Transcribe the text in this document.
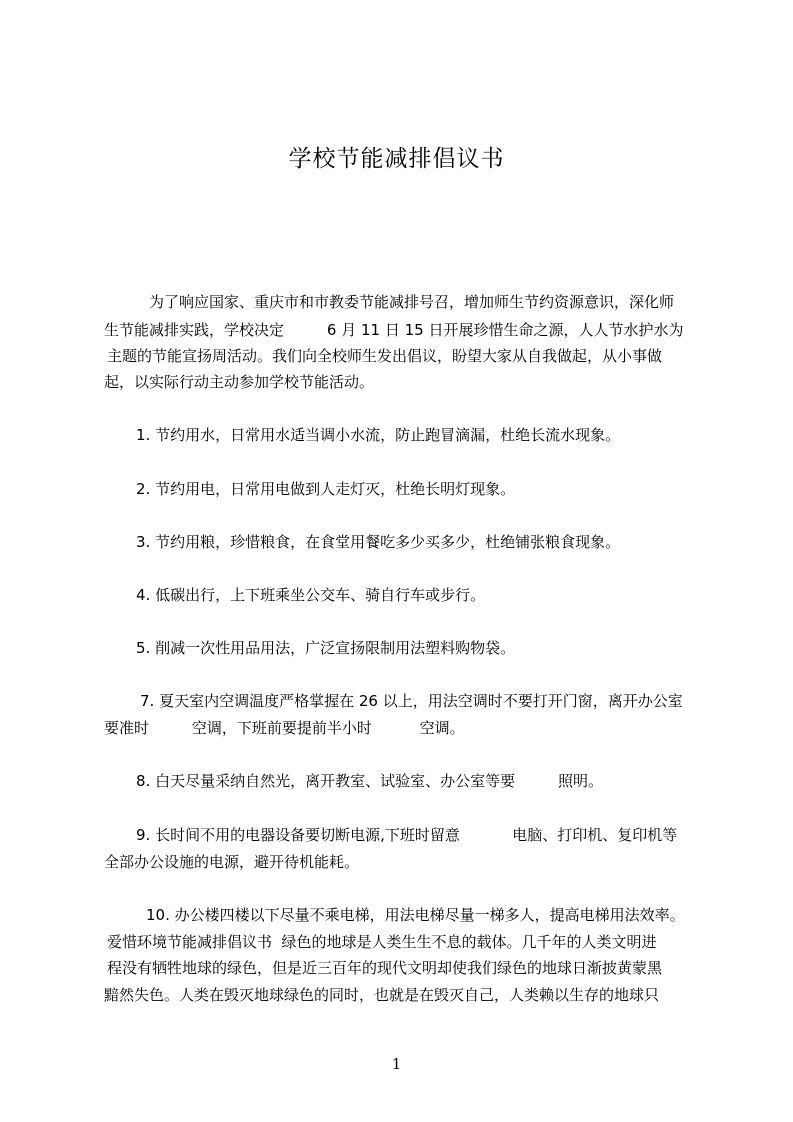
学校节能减排倡议书
为了响应国家、重庆市和市教委节能减排号召，增加师生节约资源意识，深化师
生节能减排实践，学校决定         6 月 11 日 15 日开展珍惜生命之源，人人节水护水为
主题的节能宣扬周活动。我们向全校师生发出倡议，盼望大家从自我做起，从小事做
起，以实际行动主动参加学校节能活动。
1. 节约用水，日常用水适当调小水流，防止跑冒滴漏，杜绝长流水现象。
2. 节约用电，日常用电做到人走灯灭，杜绝长明灯现象。
3. 节约用粮，珍惜粮食，在食堂用餐吃多少买多少，杜绝铺张粮食现象。
4. 低碳出行，上下班乘坐公交车、骑自行车或步行。
5. 削减一次性用品用法，广泛宣扬限制用法塑料购物袋。
7. 夏天室内空调温度严格掌握在 26 以上，用法空调时不要打开门窗，离开办公室
要准时         空调，下班前要提前半小时          空调。
8. 白天尽量采纳自然光，离开教室、试验室、办公室等要         照明。
9. 长时间不用的电器设备要切断电源,下班时留意           电脑、打印机、复印机等
全部办公设施的电源，避开待机能耗。
10. 办公楼四楼以下尽量不乘电梯，用法电梯尽量一梯多人，提高电梯用法效率。
爱惜环境节能减排倡议书  绿色的地球是人类生生不息的载体。几千年的人类文明进
程没有牺牲地球的绿色，但是近三百年的现代文明却使我们绿色的地球日渐披黄蒙黑
黯然失色。人类在毁灭地球绿色的同时，也就是在毁灭自己，人类赖以生存的地球只
1
